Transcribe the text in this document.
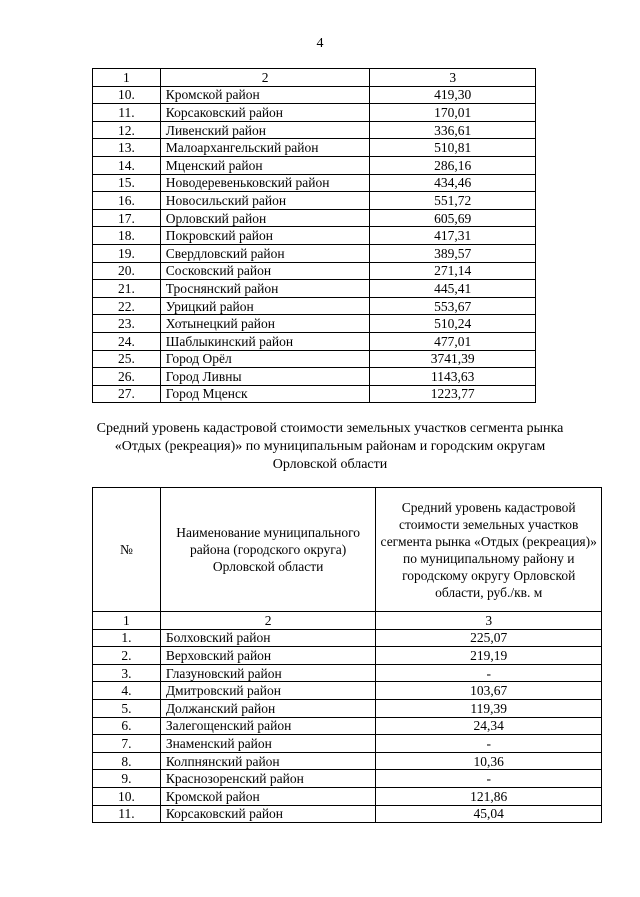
4
1	2	3
10.	Кромской район	419,30
11.	Корсаковский район	170,01
12.	Ливенский район	336,61
13.	Малоархангельский район	510,81
14.	Мценский район	286,16
15.	Новодеревеньковский район	434,46
16.	Новосильский район	551,72
17.	Орловский район	605,69
18.	Покровский район	417,31
19.	Свердловский район	389,57
20.	Сосковский район	271,14
21.	Троснянский район	445,41
22.	Урицкий район	553,67
23.	Хотынецкий район	510,24
24.	Шаблыкинский район	477,01
25.	Город Орёл	3741,39
26.	Город Ливны	1143,63
27.	Город Мценск	1223,77
Средний уровень кадастровой стоимости земельных участков сегмента рынка
«Отдых (рекреация)» по муниципальным районам и городским округам
Орловской области
№	Наименование муниципального района (городского округа) Орловской области	Средний уровень кадастровой стоимости земельных участков сегмента рынка «Отдых (рекреация)» по муниципальному району и городскому округу Орловской области, руб./кв. м
1	2	3
1.	Болховский район	225,07
2.	Верховский район	219,19
3.	Глазуновский район	-
4.	Дмитровский район	103,67
5.	Должанский район	119,39
6.	Залегощенский район	24,34
7.	Знаменский район	-
8.	Колпнянский район	10,36
9.	Краснозоренский район	-
10.	Кромской район	121,86
11.	Корсаковский район	45,04
